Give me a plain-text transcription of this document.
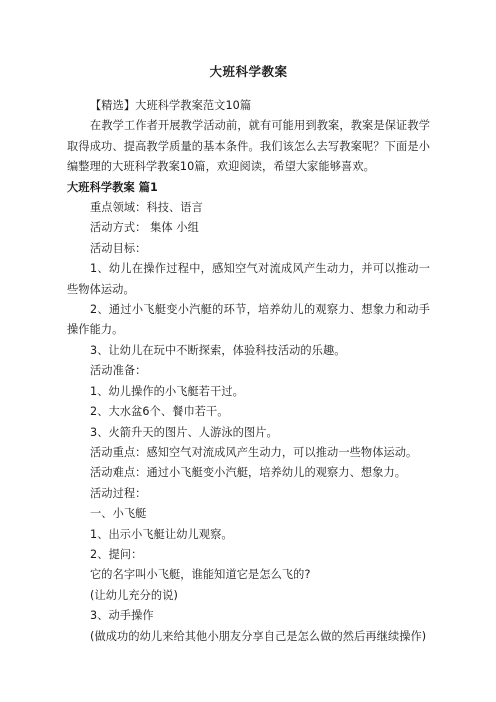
大班科学教案

【精选】大班科学教案范文10篇

在教学工作者开展教学活动前，就有可能用到教案，教案是保证教学取得成功、提高教学质量的基本条件。我们该怎么去写教案呢？下面是小编整理的大班科学教案10篇，欢迎阅读，希望大家能够喜欢。

大班科学教案 篇1

重点领域：科技、语言

活动方式： 集体 小组

活动目标：

1、幼儿在操作过程中，感知空气对流成风产生动力，并可以推动一些物体运动。

2、通过小飞艇变小汽艇的环节，培养幼儿的观察力、想象力和动手操作能力。

3、让幼儿在玩中不断探索，体验科技活动的乐趣。

活动准备：

1、幼儿操作的小飞艇若干过。

2、大水盆6个、餐巾若干。

3、火箭升天的图片、人游泳的图片。

活动重点：感知空气对流成风产生动力，可以推动一些物体运动。

活动难点：通过小飞艇变小汽艇，培养幼儿的观察力、想象力。

活动过程：

一、小飞艇

1、出示小飞艇让幼儿观察。

2、提问：

它的名字叫小飞艇，谁能知道它是怎么飞的?

(让幼儿充分的说)

3、动手操作

(做成功的幼儿来给其他小朋友分享自己是怎么做的然后再继续操作)
